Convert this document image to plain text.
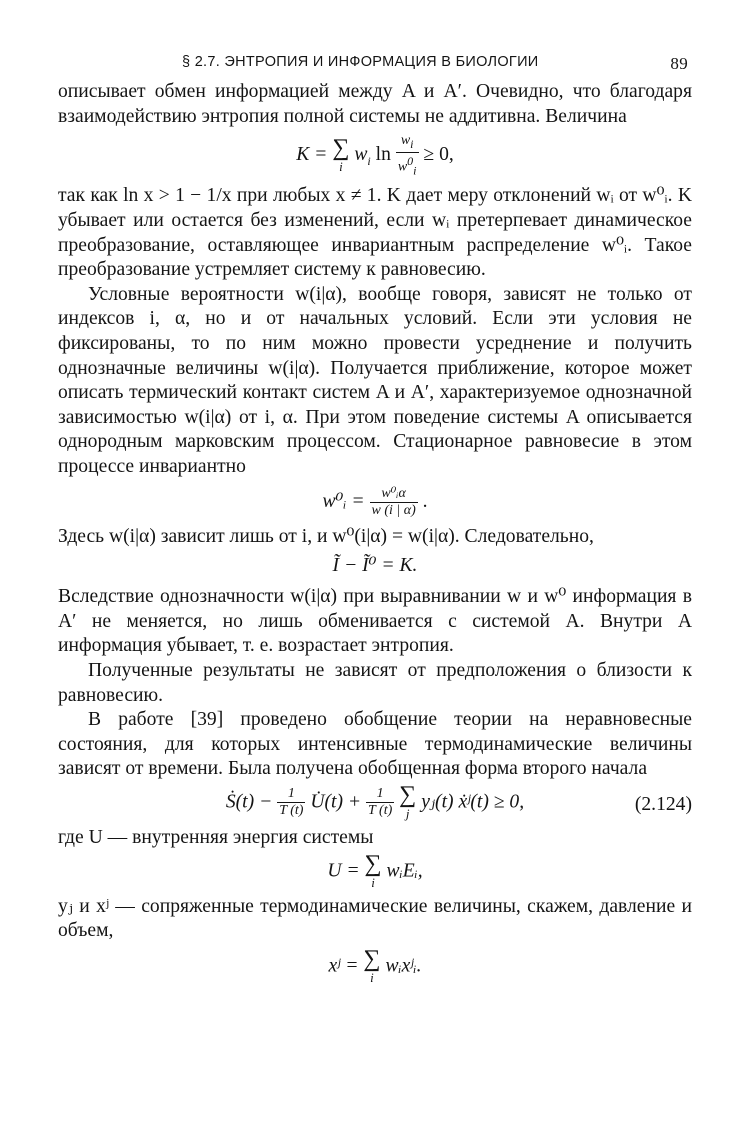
§ 2.7. ЭНТРОПИЯ И ИНФОРМАЦИЯ В БИОЛОГИИ	89

описывает обмен информацией между A и A′. Очевидно, что благодаря взаимодействию энтропия полной системы не аддитивна. Величина

K = ∑
i
$w_i$ $\ln \frac{w_i}{w^0_i} \ge 0$,

так как ln x > 1 − 1/x при любых x ≠ 1. K дает меру отклонений wᵢ от w⁰ᵢ. K убывает или остается без изменений, если wᵢ претерпевает динамическое преобразование, оставляющее инвариантным распределение w⁰ᵢ. Такое преобразование устремляет систему к равновесию.

Условные вероятности w(i|α), вообще говоря, зависят не только от индексов i, α, но и от начальных условий. Если эти условия не фиксированы, то по ним можно провести усреднение и получить однозначные величины w(i|α). Получается приближение, которое может описать термический контакт систем A и A′, характеризуемое однозначной зависимостью w(i|α) от i, α. При этом поведение системы A описывается однородным марковским процессом. Стационарное равновесие в этом процессе инвариантно

w⁰ᵢ = $\frac{\text{w⁰ᵢα}}{w (i | \alpha)}$ .

Здесь w(i|α) зависит лишь от i, и w⁰(i|α) = w(i|α). Следовательно,

Ĩ − Ĩ⁰ = K.

Вследствие однозначности w(i|α) при выравнивании w и w⁰ информация в A′ не меняется, но лишь обменивается с системой A. Внутри A информация убывает, т. е. возрастает энтропия.

Полученные результаты не зависят от предположения о близости к равновесию.

В работе [39] проведено обобщение теории на неравновесные состояния, для которых интенсивные термодинамические величины зависят от времени. Была получена обобщенная форма второго начала

Ṡ(t) − $\frac{1}{T (t)}$ U̇(t) + $\frac{1}{T (t)}$
∑
j
yⱼ(t) ẋʲ(t) ≥ 0,	(2.124)

где U — внутренняя энергия системы

U = ∑
i
wᵢEᵢ,

yⱼ и xʲ — сопряженные термодинамические величины, скажем, давление и объем,

xʲ = ∑
i
wᵢxʲᵢ.
